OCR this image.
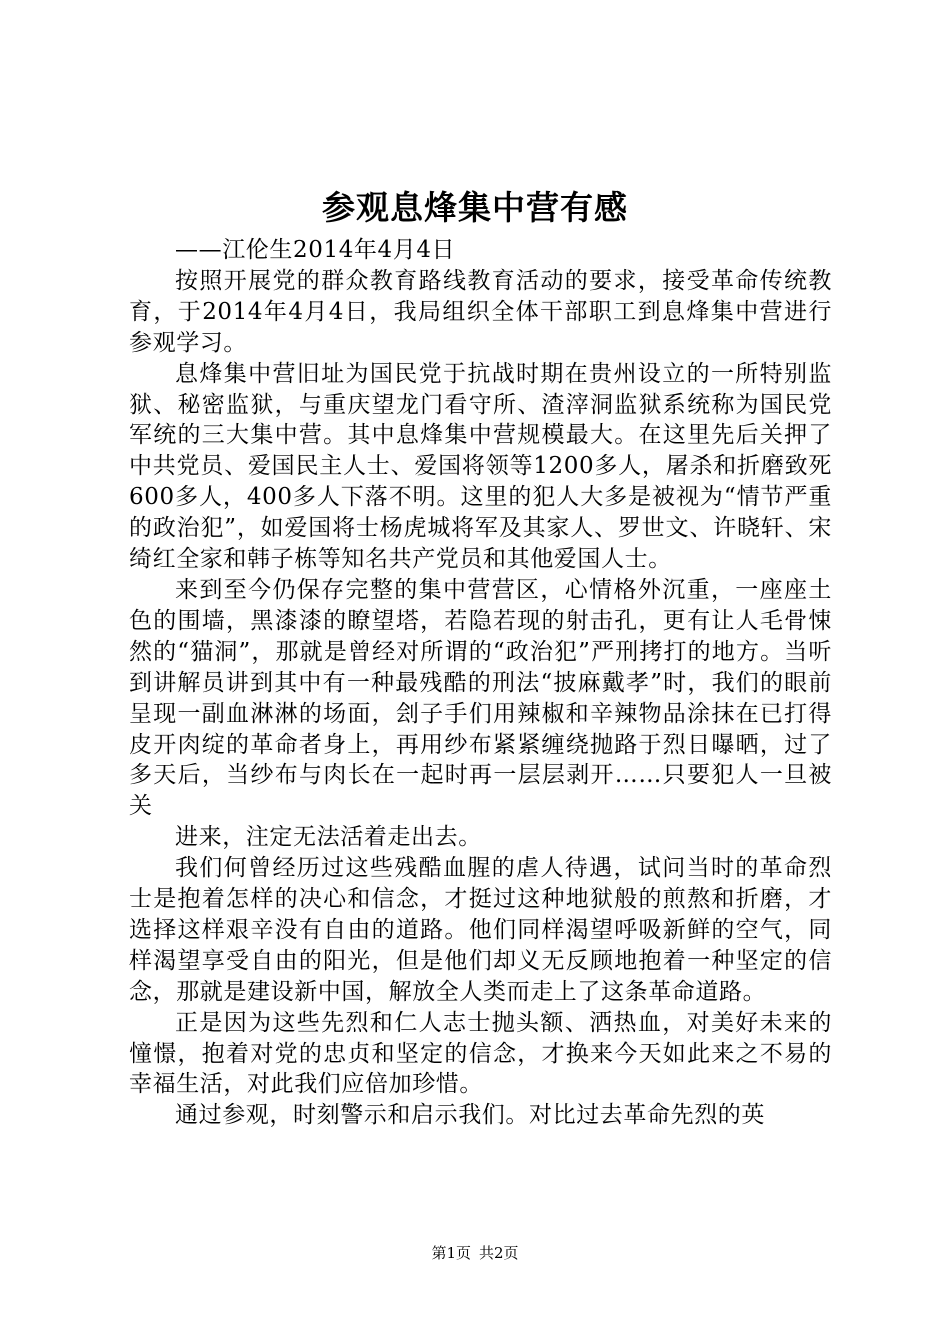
参观息烽集中营有感

——江伦生2014年4月4日

按照开展党的群众教育路线教育活动的要求，接受革命传统教育，于2014年4月4日，我局组织全体干部职工到息烽集中营进行参观学习。

息烽集中营旧址为国民党于抗战时期在贵州设立的一所特别监狱、秘密监狱，与重庆望龙门看守所、渣滓洞监狱系统称为国民党军统的三大集中营。其中息烽集中营规模最大。在这里先后关押了中共党员、爱国民主人士、爱国将领等1200多人，屠杀和折磨致死600多人，400多人下落不明。这里的犯人大多是被视为“情节严重的政治犯”，如爱国将士杨虎城将军及其家人、罗世文、许晓轩、宋绮红全家和韩子栋等知名共产党员和其他爱国人士。

来到至今仍保存完整的集中营营区，心情格外沉重，一座座土色的围墙，黑漆漆的瞭望塔，若隐若现的射击孔，更有让人毛骨悚然的“猫洞”，那就是曾经对所谓的“政治犯”严刑拷打的地方。当听到讲解员讲到其中有一种最残酷的刑法“披麻戴孝”时，我们的眼前呈现一副血淋淋的场面，刽子手们用辣椒和辛辣物品涂抹在已打得皮开肉绽的革命者身上，再用纱布紧紧缠绕抛路于烈日曝晒，过了多天后，当纱布与肉长在一起时再一层层剥开……只要犯人一旦被关

进来，注定无法活着走出去。

我们何曾经历过这些残酷血腥的虐人待遇，试问当时的革命烈士是抱着怎样的决心和信念，才挺过这种地狱般的煎熬和折磨，才选择这样艰辛没有自由的道路。他们同样渴望呼吸新鲜的空气，同样渴望享受自由的阳光，但是他们却义无反顾地抱着一种坚定的信念，那就是建设新中国，解放全人类而走上了这条革命道路。

正是因为这些先烈和仁人志士抛头额、洒热血，对美好未来的憧憬，抱着对党的忠贞和坚定的信念，才换来今天如此来之不易的幸福生活，对此我们应倍加珍惜。

通过参观，时刻警示和启示我们。对比过去革命先烈的英

第1页 共2页
